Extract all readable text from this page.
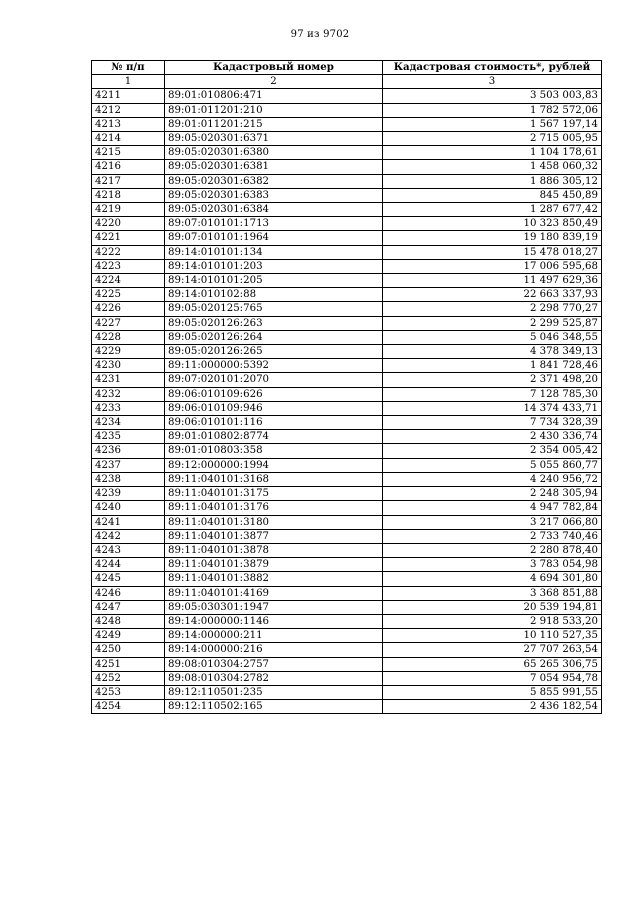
97 из 9702
№ п/п	Кадастровый номер	Кадастровая стоимость*, рублей
1	2	3
4211	89:01:010806:471	3 503 003,83
4212	89:01:011201:210	1 782 572,06
4213	89:01:011201:215	1 567 197,14
4214	89:05:020301:6371	2 715 005,95
4215	89:05:020301:6380	1 104 178,61
4216	89:05:020301:6381	1 458 060,32
4217	89:05:020301:6382	1 886 305,12
4218	89:05:020301:6383	845 450,89
4219	89:05:020301:6384	1 287 677,42
4220	89:07:010101:1713	10 323 850,49
4221	89:07:010101:1964	19 180 839,19
4222	89:14:010101:134	15 478 018,27
4223	89:14:010101:203	17 006 595,68
4224	89:14:010101:205	11 497 629,36
4225	89:14:010102:88	22 663 337,93
4226	89:05:020125:765	2 298 770,27
4227	89:05:020126:263	2 299 525,87
4228	89:05:020126:264	5 046 348,55
4229	89:05:020126:265	4 378 349,13
4230	89:11:000000:5392	1 841 728,46
4231	89:07:020101:2070	2 371 498,20
4232	89:06:010109:626	7 128 785,30
4233	89:06:010109:946	14 374 433,71
4234	89:06:010101:116	7 734 328,39
4235	89:01:010802:8774	2 430 336,74
4236	89:01:010803:358	2 354 005,42
4237	89:12:000000:1994	5 055 860,77
4238	89:11:040101:3168	4 240 956,72
4239	89:11:040101:3175	2 248 305,94
4240	89:11:040101:3176	4 947 782,84
4241	89:11:040101:3180	3 217 066,80
4242	89:11:040101:3877	2 733 740,46
4243	89:11:040101:3878	2 280 878,40
4244	89:11:040101:3879	3 783 054,98
4245	89:11:040101:3882	4 694 301,80
4246	89:11:040101:4169	3 368 851,88
4247	89:05:030301:1947	20 539 194,81
4248	89:14:000000:1146	2 918 533,20
4249	89:14:000000:211	10 110 527,35
4250	89:14:000000:216	27 707 263,54
4251	89:08:010304:2757	65 265 306,75
4252	89:08:010304:2782	7 054 954,78
4253	89:12:110501:235	5 855 991,55
4254	89:12:110502:165	2 436 182,54
